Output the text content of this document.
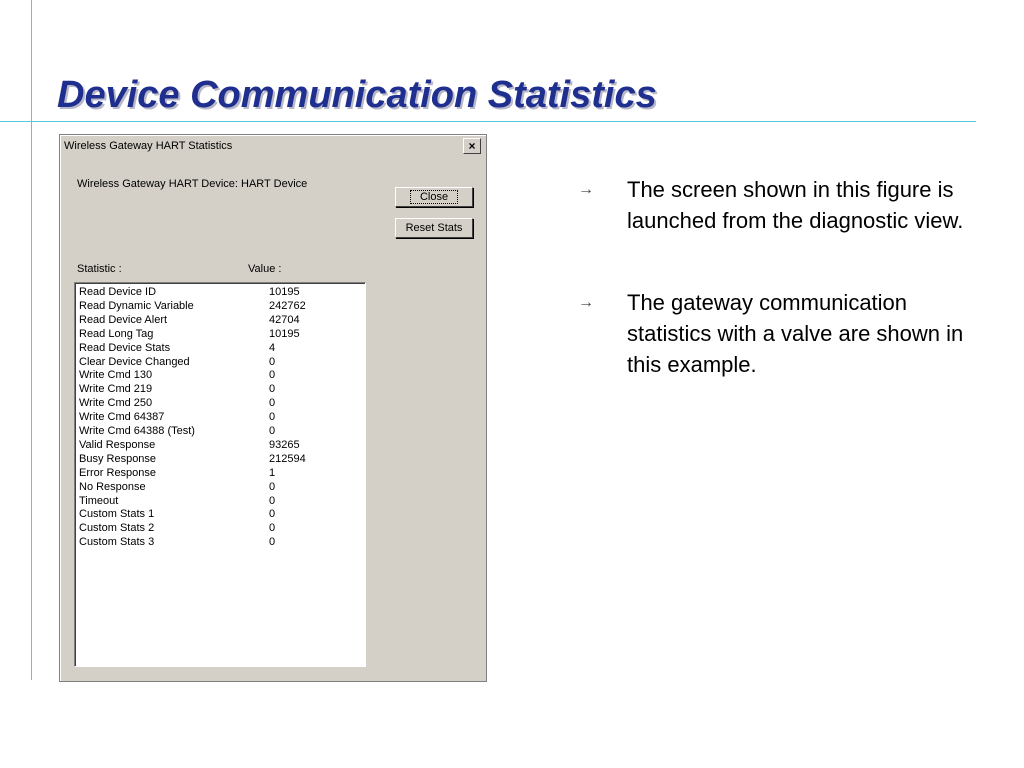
Device Communication Statistics
Wireless Gateway HART Statistics	×
Wireless Gateway HART Device: HART Device
Close
Reset Stats
Statistic :	Value :
Read Device ID	10195
Read Dynamic Variable	242762
Read Device Alert	42704
Read Long Tag	10195
Read Device Stats	4
Clear Device Changed	0
Write Cmd 130	0
Write Cmd 219	0
Write Cmd 250	0
Write Cmd 64387	0
Write Cmd 64388 (Test)	0
Valid Response	93265
Busy Response	212594
Error Response	1
No Response	0
Timeout	0
Custom Stats 1	0
Custom Stats 2	0
Custom Stats 3	0
→ The screen shown in this figure is launched from the diagnostic view.
→ The gateway communication statistics with a valve are shown in this example.
